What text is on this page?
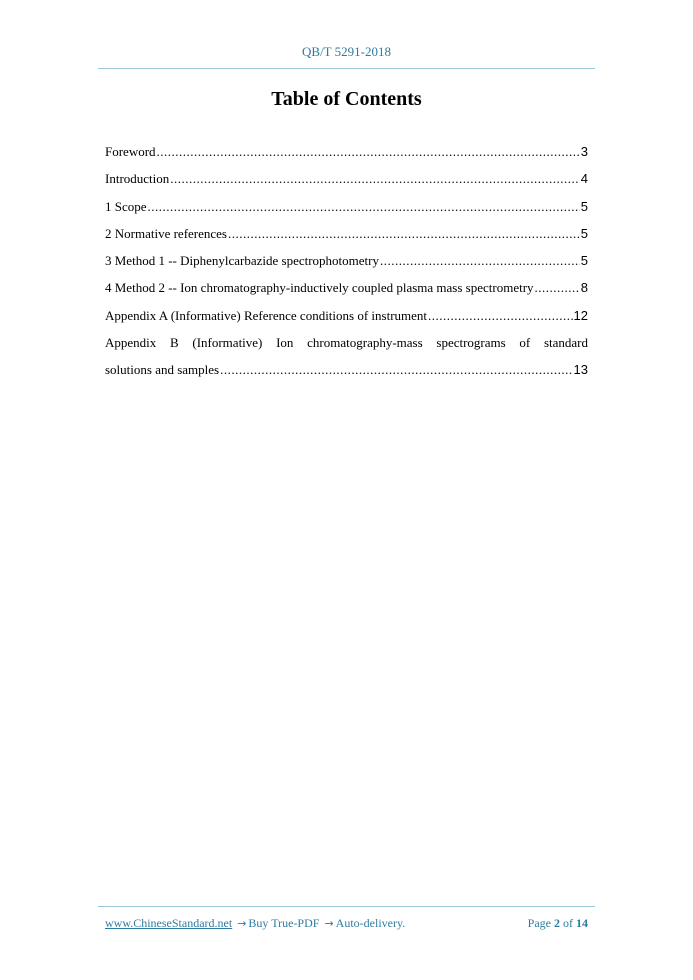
QB/T 5291-2018
Table of Contents
Foreword .....	3
Introduction .....	4
1 Scope .....	5
2 Normative references .....	5
3 Method 1 -- Diphenylcarbazide spectrophotometry .....	5
4 Method 2 -- Ion chromatography-inductively coupled plasma mass spectrometry .....	8
Appendix A (Informative) Reference conditions of instrument .....	12
Appendix B (Informative) Ion chromatography-mass spectrograms of standard
solutions and samples .....	13
www.ChineseStandard.net → Buy True-PDF → Auto-delivery.	Page 2 of 14
